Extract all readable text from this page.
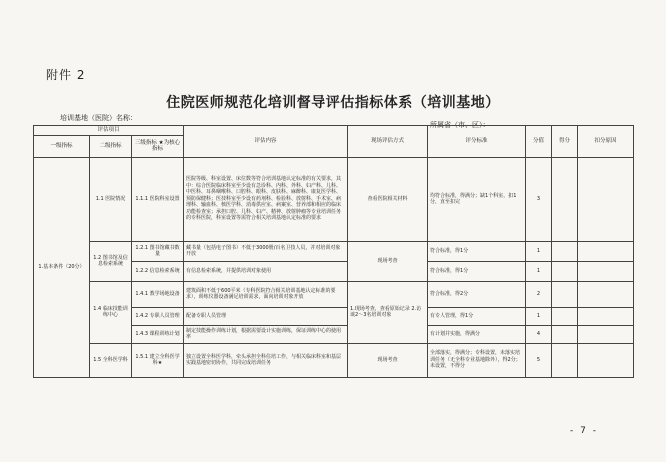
附件 2
住院医师规范化培训督导评估指标体系（培训基地）
培训基地（医院）名称：
所属省（市、区）：
评估项目			评估内容	现场评估方式	评分标准	分值	得分	扣分原因
一级指标	二级指标	三级指标 ★为核心指标						
1.基本条件（20分）	1.1 医院情况	1.1.1 医院科室设置	医院等级、科室设置、床位数等符合培训基地认定标准的有关要求，其中：综合医院临床科室至少设有急诊科、内科、外科、妇产科、儿科、中医科、耳鼻咽喉科、口腔科、眼科、皮肤科、麻醉科、康复医学科、预防保健科；医技科室至少设有药剂科、检验科、放射科、手术室、病理科、输血科、核医学科、消毒供应室、病案室、营养部和相应的临床功能检查室；承担口腔、儿科、妇产、精神、放射肿瘤等专业培训任务的专科医院，科室设置等需符合相关培训基地认定标准的要求	查看医院相关材料	均符合标准，得满分；缺1个科室，扣1分，直至扣完	3		
	1.2 图书馆及信息检索系统	1.2.1 图书馆藏书数量	藏书量（包括电子图书）不低于3000册/百名卫技人员，并对培训对象开放	现场考查	符合标准，得1分	1		
		1.2.2 信息检索系统	有信息检索系统，并提供培训对象使用		符合标准，得1分	1		
	1.4 临床技能训练中心	1.4.1 教学场地设备	建筑面积不低于600平米（专科医院符合相关培训基地认定标准的要求），训练仪器设备满足培训需求，面向培训对象开放	1.现场考查，查看原始记录 2.访谈2～3名培训对象	符合标准，得2分	2		
		1.4.2 专职人员管理	配备专职人员管理		有专人管理，得1分	1		
		1.4.3 课程训练计划	制定技能操作训练计划，根据需要设计实施训练，保证训练中心的使用率		有计划并实施，得满分	4		
	1.5 全科医学科	1.5.1 建立全科医学科★	独立设置全科医学科，牵头承担全科住培工作，与相关临床科室和基层实践基地密切协作，共同完成培训任务	现场考查	全部落实，得满分；专科设置，未落实培训任务（无全科专业基地除外），得2分；未设置，不得分	5		
- 7 -
